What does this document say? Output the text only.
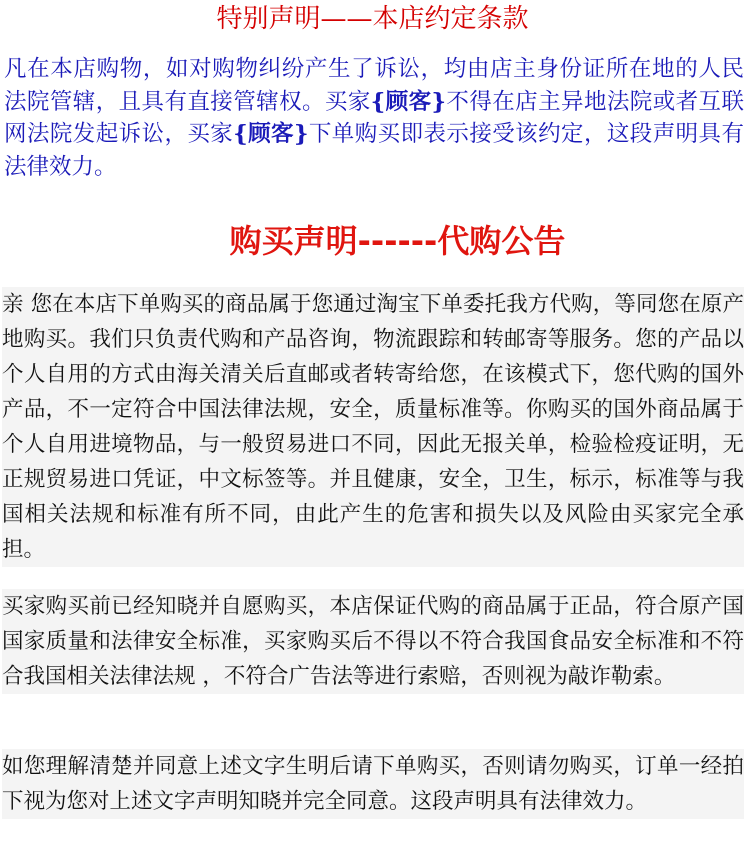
特别声明——本店约定条款
凡在本店购物，如对购物纠纷产生了诉讼，均由店主身份证所在地的人民法院管辖，且具有直接管辖权。买家{顾客}不得在店主异地法院或者互联网法院发起诉讼，买家{顾客}下单购买即表示接受该约定，这段声明具有法律效力。
购买声明------代购公告
亲 您在本店下单购买的商品属于您通过淘宝下单委托我方代购，等同您在原产地购买。我们只负责代购和产品咨询，物流跟踪和转邮寄等服务。您的产品以个人自用的方式由海关清关后直邮或者转寄给您，在该模式下，您代购的国外产品，不一定符合中国法律法规，安全，质量标准等。你购买的国外商品属于个人自用进境物品，与一般贸易进口不同，因此无报关单，检验检疫证明，无正规贸易进口凭证，中文标签等。并且健康，安全，卫生，标示，标准等与我国相关法规和标准有所不同，由此产生的危害和损失以及风险由买家完全承担。
买家购买前已经知晓并自愿购买，本店保证代购的商品属于正品，符合原产国国家质量和法律安全标准，买家购买后不得以不符合我国食品安全标准和不符合我国相关法律法规 ，不符合广告法等进行索赔，否则视为敲诈勒索。
如您理解清楚并同意上述文字生明后请下单购买，否则请勿购买，订单一经拍下视为您对上述文字声明知晓并完全同意。这段声明具有法律效力。
